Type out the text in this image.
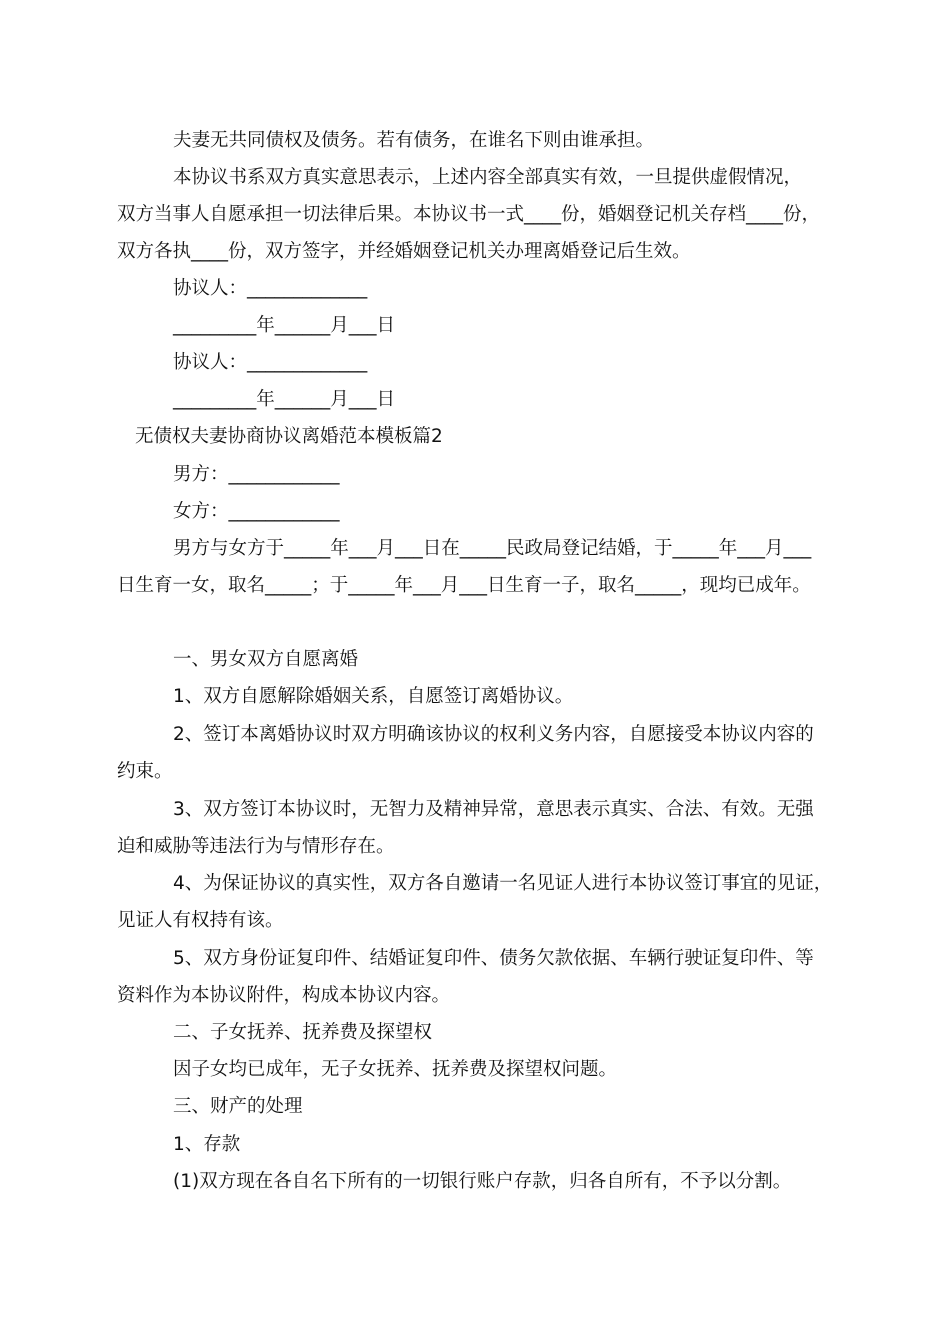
夫妻无共同债权及债务。若有债务，在谁名下则由谁承担。

本协议书系双方真实意思表示，上述内容全部真实有效，一旦提供虚假情况，

双方当事人自愿承担一切法律后果。本协议书一式____份，婚姻登记机关存档____份，

双方各执____份，双方签字，并经婚姻登记机关办理离婚登记后生效。

协议人：_____________

_________年______月___日

协议人：_____________

_________年______月___日

无债权夫妻协商协议离婚范本模板篇2

男方：____________

女方：____________

男方与女方于_____年___月___日在_____民政局登记结婚，于_____年___月___

日生育一女，取名_____；于_____年___月___日生育一子，取名_____，现均已成年。

一、男女双方自愿离婚

1、双方自愿解除婚姻关系，自愿签订离婚协议。

2、签订本离婚协议时双方明确该协议的权利义务内容，自愿接受本协议内容的

约束。

3、双方签订本协议时，无智力及精神异常，意思表示真实、合法、有效。无强

迫和威胁等违法行为与情形存在。

4、为保证协议的真实性，双方各自邀请一名见证人进行本协议签订事宜的见证，

见证人有权持有该。

5、双方身份证复印件、结婚证复印件、债务欠款依据、车辆行驶证复印件、等

资料作为本协议附件，构成本协议内容。

二、子女抚养、抚养费及探望权

因子女均已成年，无子女抚养、抚养费及探望权问题。

三、财产的处理

1、存款

(1)双方现在各自名下所有的一切银行账户存款，归各自所有，不予以分割。
